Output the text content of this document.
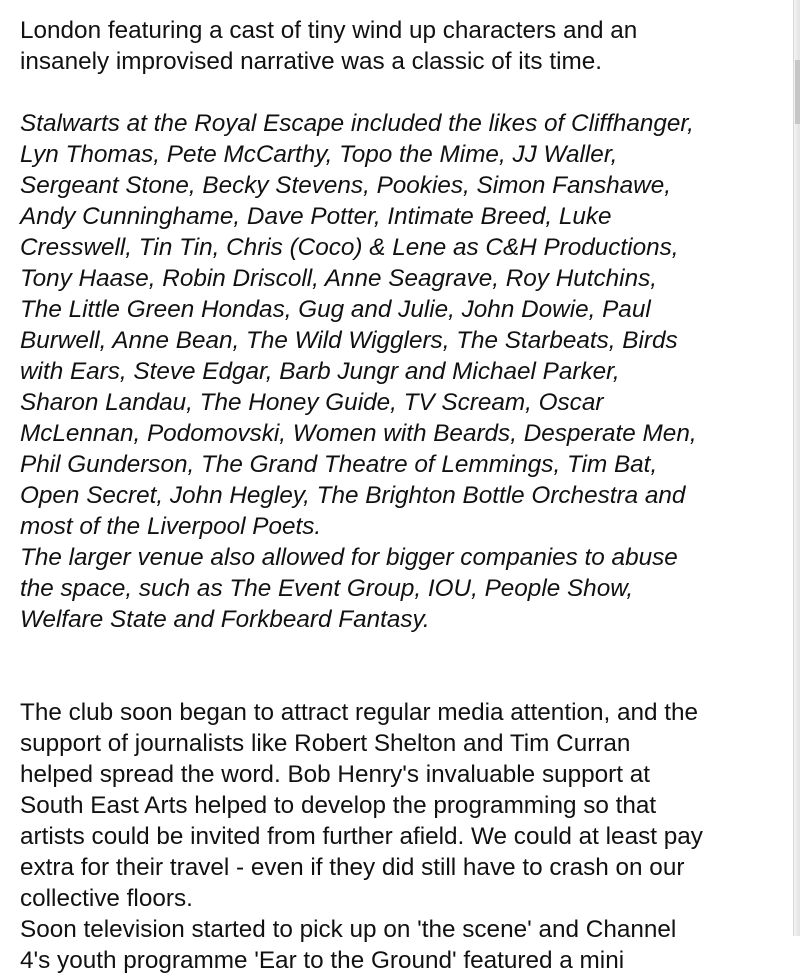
London featuring a cast of tiny wind up characters and an

insanely improvised narrative was a classic of its time.

Stalwarts at the Royal Escape included the likes of Cliffhanger,

Lyn Thomas, Pete McCarthy, Topo the Mime, JJ Waller,

Sergeant Stone, Becky Stevens, Pookies, Simon Fanshawe,

Andy Cunninghame, Dave Potter, Intimate Breed, Luke

Cresswell, Tin Tin, Chris (Coco) & Lene as C&H Productions,

Tony Haase, Robin Driscoll, Anne Seagrave, Roy Hutchins,

The Little Green Hondas, Gug and Julie, John Dowie, Paul

Burwell, Anne Bean, The Wild Wigglers, The Starbeats, Birds

with Ears, Steve Edgar, Barb Jungr and Michael Parker,

Sharon Landau, The Honey Guide, TV Scream, Oscar

McLennan, Podomovski, Women with Beards, Desperate Men,

Phil Gunderson, The Grand Theatre of Lemmings, Tim Bat,

Open Secret, John Hegley, The Brighton Bottle Orchestra and

most of the Liverpool Poets.

The larger venue also allowed for bigger companies to abuse

the space, such as The Event Group, IOU, People Show,

Welfare State and Forkbeard Fantasy.

The club soon began to attract regular media attention, and the

support of journalists like Robert Shelton and Tim Curran

helped spread the word. Bob Henry's invaluable support at

South East Arts helped to develop the programming so that

artists could be invited from further afield. We could at least pay

extra for their travel - even if they did still have to crash on our

collective floors.

Soon television started to pick up on 'the scene' and Channel

4's youth programme 'Ear to the Ground' featured a mini
